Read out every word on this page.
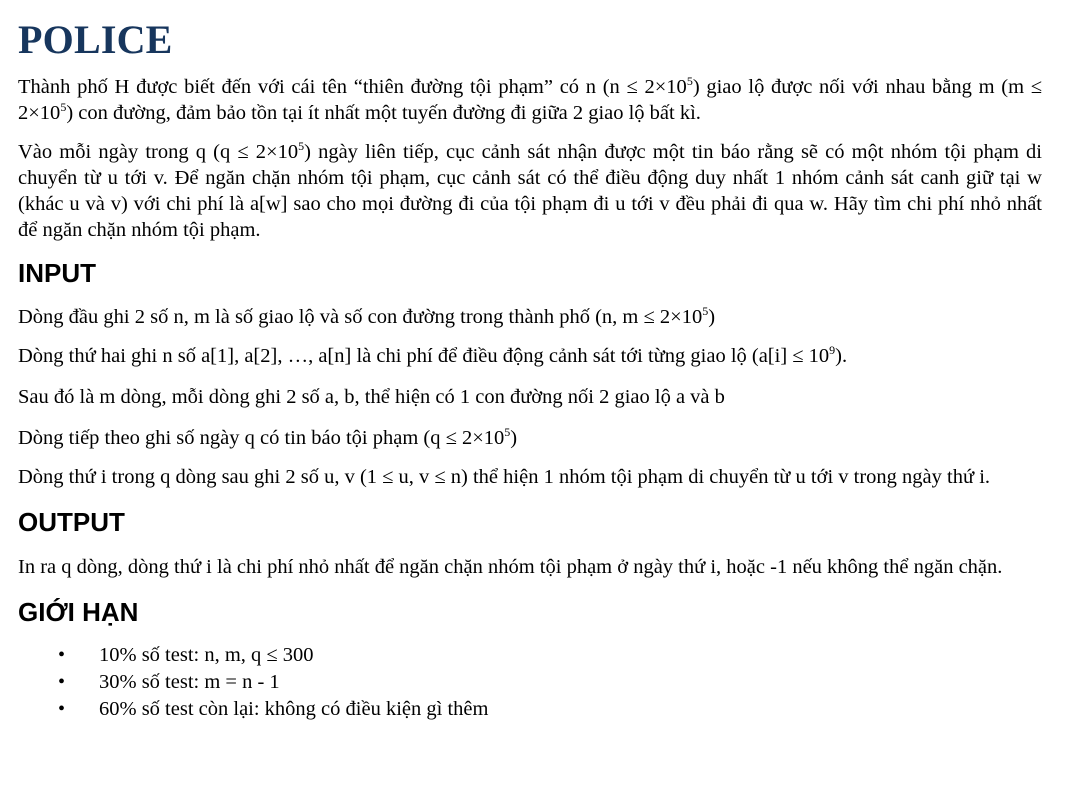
POLICE

Thành phố H được biết đến với cái tên “thiên đường tội phạm” có n $(n \le 2\times 10^5)$ giao lộ được nối với nhau bằng m $(m \le 2\times 10^5)$ con đường, đảm bảo tồn tại ít nhất một tuyến đường đi giữa 2 giao lộ bất kì.

Vào mỗi ngày trong q $(q \le 2\times 10^5)$ ngày liên tiếp, cục cảnh sát nhận được một tin báo rằng sẽ có một nhóm tội phạm di chuyển từ u tới v. Để ngăn chặn nhóm tội phạm, cục cảnh sát có thể điều động duy nhất 1 nhóm cảnh sát canh giữ tại w (khác u và v) với chi phí là a[w] sao cho mọi đường đi của tội phạm đi u tới v đều phải đi qua w. Hãy tìm chi phí nhỏ nhất để ngăn chặn nhóm tội phạm.

INPUT

Dòng đầu ghi 2 số n, m là số giao lộ và số con đường trong thành phố (n, $m \le 2\times 10^5$)

Dòng thứ hai ghi n số a[1], a[2], …, a[n] là chi phí để điều động cảnh sát tới từng giao lộ $(a[i] \le 10^9)$.

Sau đó là m dòng, mỗi dòng ghi 2 số a, b, thể hiện có 1 con đường nối 2 giao lộ a và b

Dòng tiếp theo ghi số ngày q có tin báo tội phạm $(q \le 2\times 10^5)$

Dòng thứ i trong q dòng sau ghi 2 số u, v (1 ≤ u, v ≤ n) thể hiện 1 nhóm tội phạm di chuyển từ u tới v trong ngày thứ i.

OUTPUT

In ra q dòng, dòng thứ i là chi phí nhỏ nhất để ngăn chặn nhóm tội phạm ở ngày thứ i, hoặc -1 nếu không thể ngăn chặn.

GIỚI HẠN
• 10% số test: n, m, q ≤ 300
• 30% số test: m = n - 1
• 60% số test còn lại: không có điều kiện gì thêm
